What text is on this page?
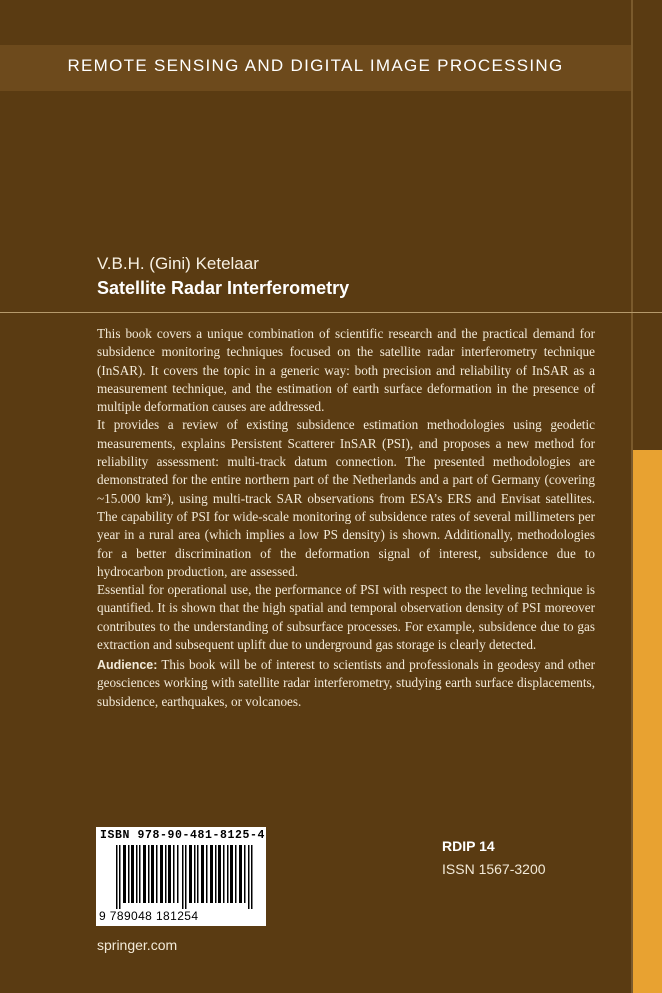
REMOTE SENSING AND DIGITAL IMAGE PROCESSING
V.B.H. (Gini) Ketelaar
Satellite Radar Interferometry

This book covers a unique combination of scientific research and the practical demand for subsidence monitoring techniques focused on the satellite radar interferometry technique (InSAR). It covers the topic in a generic way: both precision and reliability of InSAR as a measurement technique, and the estimation of earth surface deformation in the presence of multiple deformation causes are addressed.

It provides a review of existing subsidence estimation methodologies using geodetic measurements, explains Persistent Scatterer InSAR (PSI), and proposes a new method for reliability assessment: multi-track datum connection. The presented methodologies are demonstrated for the entire northern part of the Netherlands and a part of Germany (covering ~15.000 km²), using multi-track SAR observations from ESA’s ERS and Envisat satellites. The capability of PSI for wide-scale monitoring of subsidence rates of several millimeters per year in a rural area (which implies a low PS density) is shown. Additionally, methodologies for a better discrimination of the deformation signal of interest, subsidence due to hydrocarbon production, are assessed.

Essential for operational use, the performance of PSI with respect to the leveling technique is quantified. It is shown that the high spatial and temporal observation density of PSI moreover contributes to the understanding of subsurface processes. For example, subsidence due to gas extraction and subsequent uplift due to underground gas storage is clearly detected.

Audience: This book will be of interest to scientists and professionals in geodesy and other geosciences working with satellite radar interferometry, studying earth surface displacements, subsidence, earthquakes, or volcanoes.
ISBN 978-90-481-8125-4
9 789048 181254
springer.com
RDIP 14
ISSN 1567-3200
